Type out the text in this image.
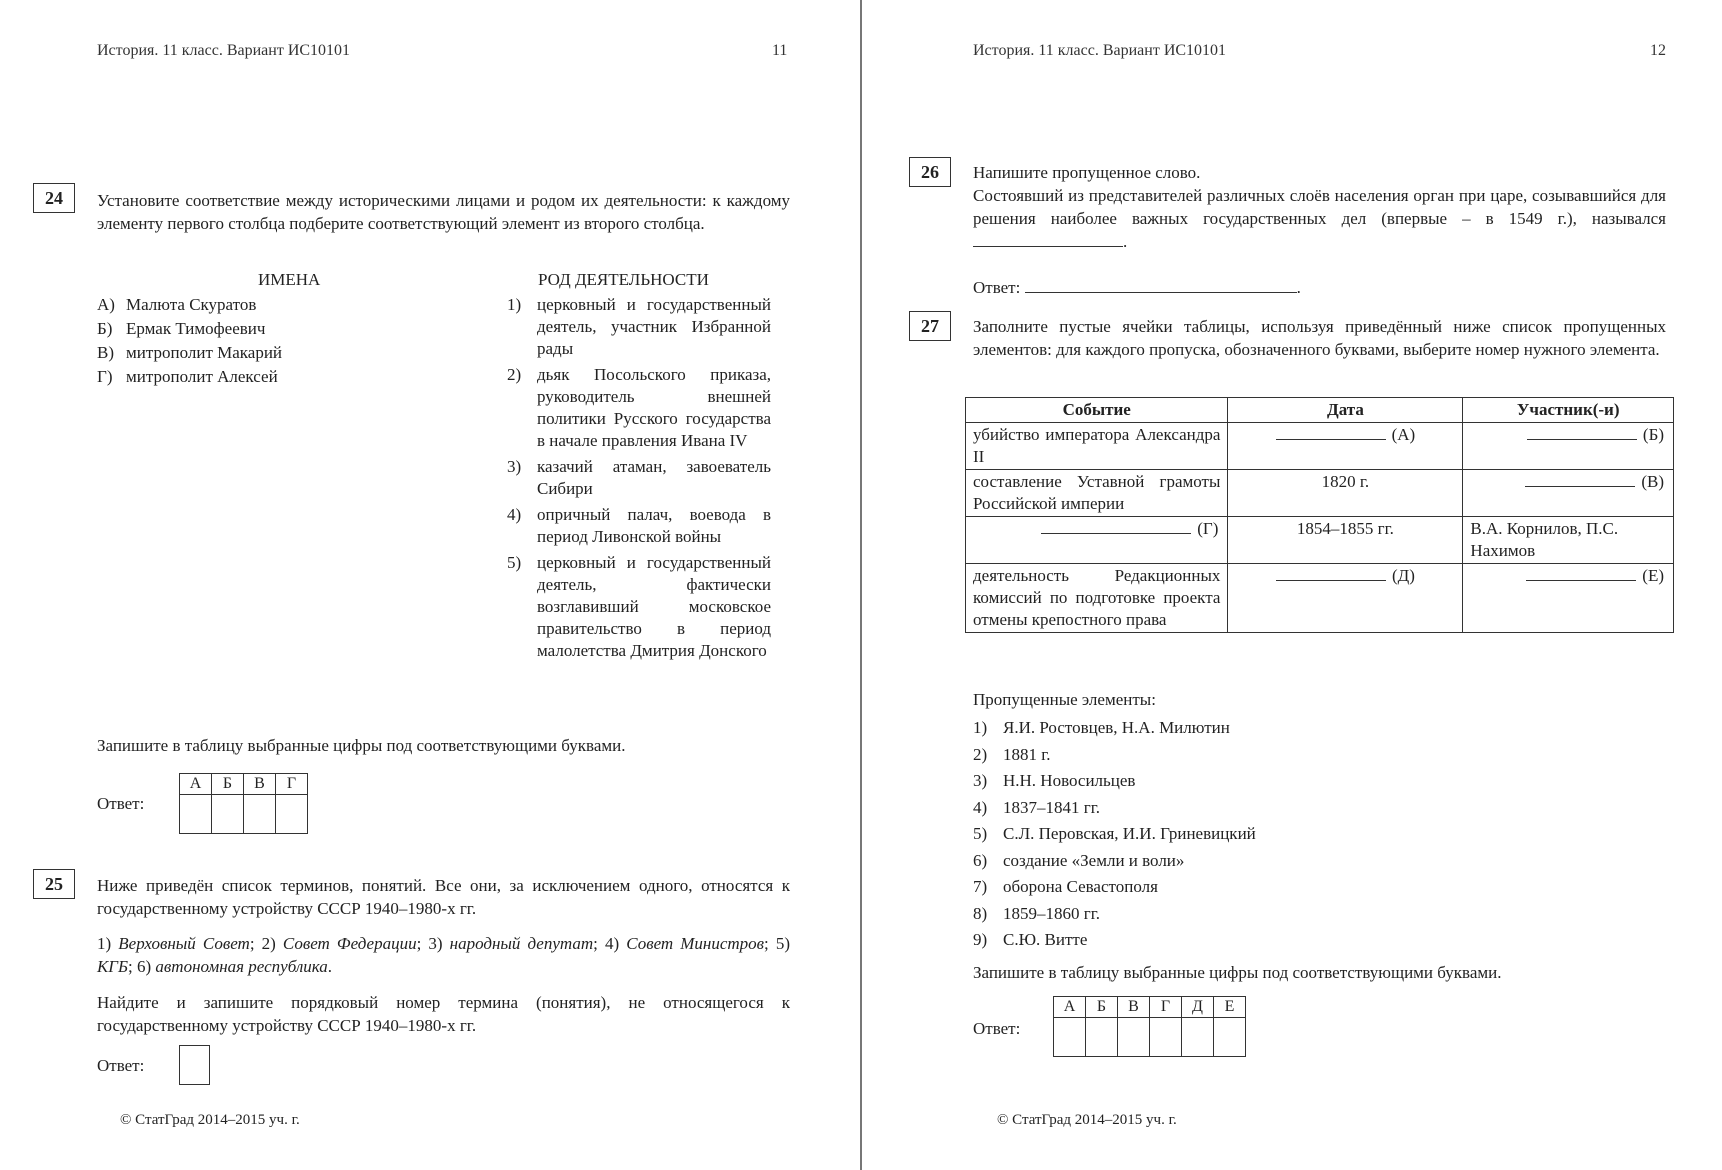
История. 11 класс. Вариант ИС10101	11
24	Установите соответствие между историческими лицами и родом их деятельности: к каждому элементу первого столбца подберите соответствующий элемент из второго столбца.
ИМЕНА	РОД ДЕЯТЕЛЬНОСТИ
А) Малюта Скуратов
Б) Ермак Тимофеевич
В) митрополит Макарий
Г) митрополит Алексей
1) церковный и государственный деятель, участник Избранной рады
2) дьяк Посольского приказа, руководитель внешней политики Русского государства в начале правления Ивана IV
3) казачий атаман, завоеватель Сибири
4) опричный палач, воевода в период Ливонской войны
5) церковный и государственный деятель, фактически возглавивший московское правительство в период малолетства Дмитрия Донского
Запишите в таблицу выбранные цифры под соответствующими буквами.
Ответ:
А	Б	В	Г

25	Ниже приведён список терминов, понятий. Все они, за исключением одного, относятся к государственному устройству СССР 1940–1980-х гг.
1) Верховный Совет; 2) Совет Федерации; 3) народный депутат; 4) Совет Министров; 5) КГБ; 6) автономная республика.
Найдите и запишите порядковый номер термина (понятия), не относящегося к государственному устройству СССР 1940–1980-х гг.
Ответ:
© СтатГрад 2014–2015 уч. г.
История. 11 класс. Вариант ИС10101	12
26	Напишите пропущенное слово.
Состоявший из представителей различных слоёв населения орган при царе, созывавшийся для решения наиболее важных государственных дел (впервые – в 1549 г.), назывался .
Ответ:	.
27	Заполните пустые ячейки таблицы, используя приведённый ниже список пропущенных элементов: для каждого пропуска, обозначенного буквами, выберите номер нужного элемента.
Событие	Дата	Участник(-и)
убийство императора Александра II	(А)	(Б)

составление Уставной грамоты Российской империи	1820 г.	(В)

(Г)	1854–1855 гг.	В.А. Корнилов, П.С. Нахимов
деятельность Редакционных комиссий по подготовке проекта отмены крепостного права	(Д)	(Е)
Пропущенные элементы:
1) Я.И. Ростовцев, Н.А. Милютин
2) 1881 г.
3) Н.Н. Новосильцев
4) 1837–1841 гг.
5) С.Л. Перовская, И.И. Гриневицкий
6) создание «Земли и воли»
7) оборона Севастополя
8) 1859–1860 гг.
9) С.Ю. Витте
Запишите в таблицу выбранные цифры под соответствующими буквами.
Ответ:
А	Б	В	Г	Д	Е

© СтатГрад 2014–2015 уч. г.
